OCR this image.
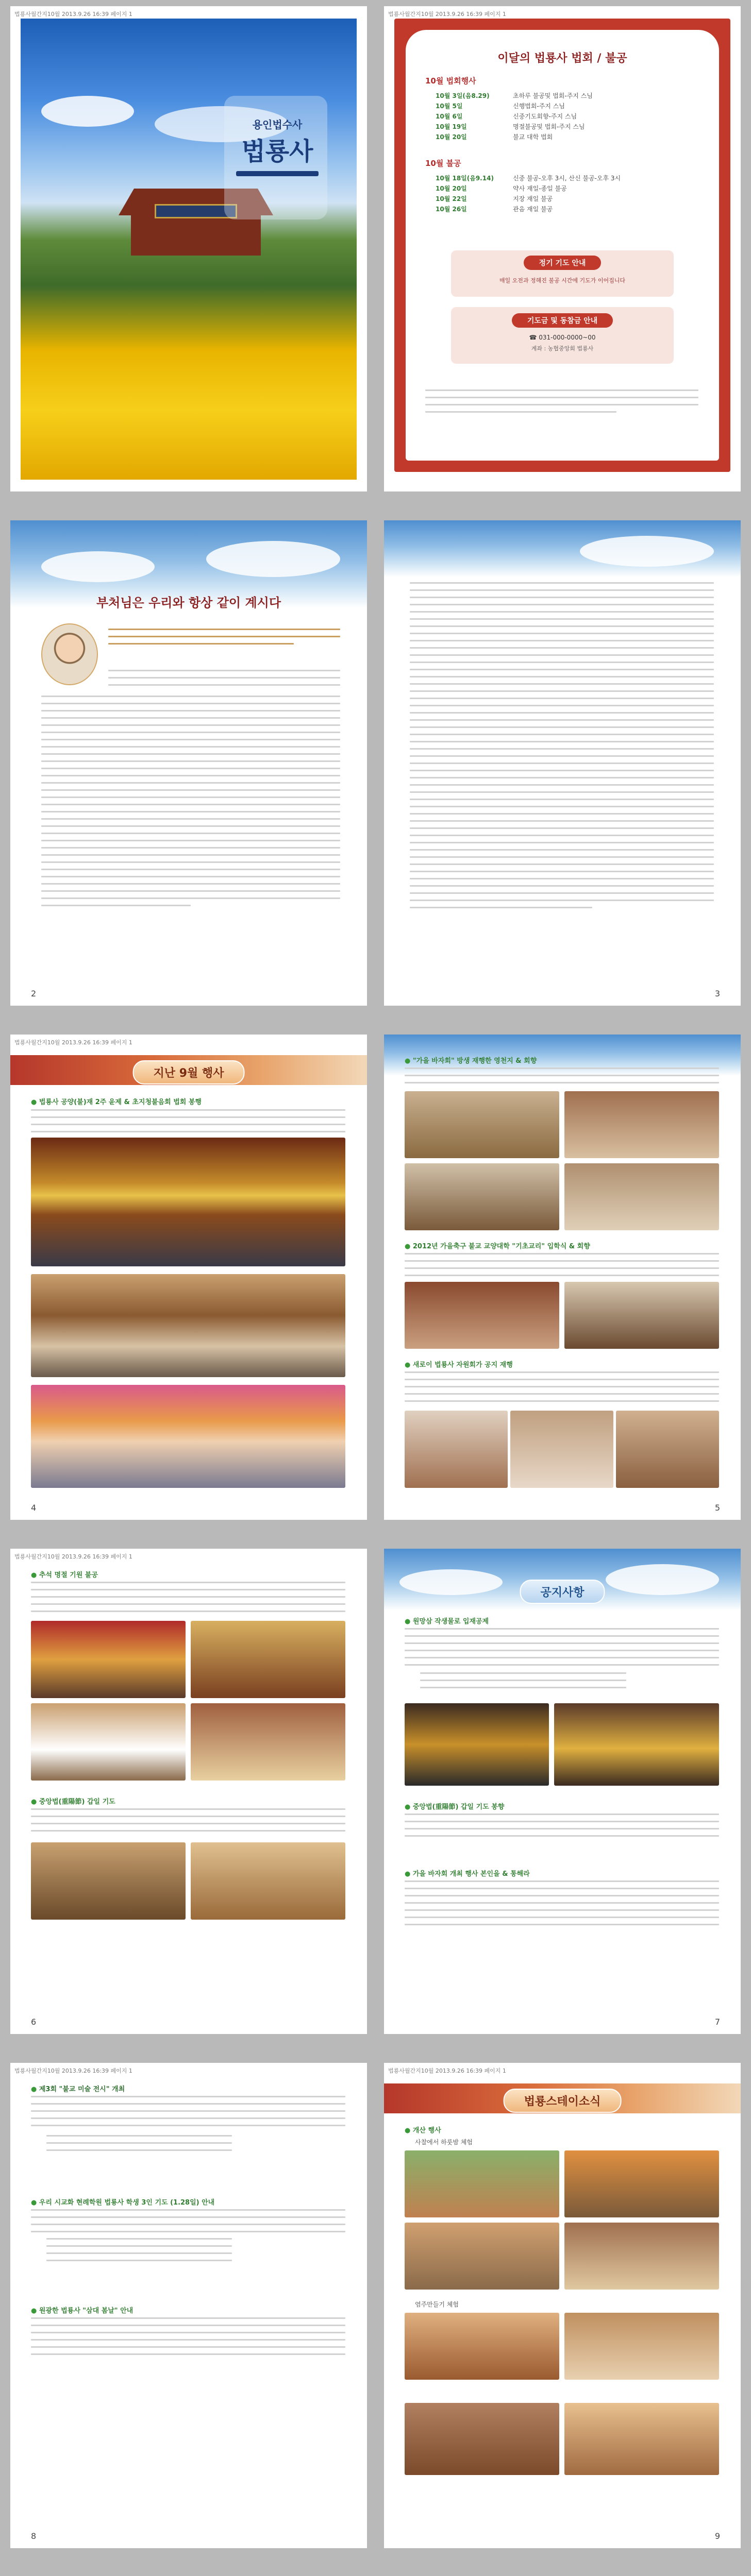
법룡사월간지10월 2013.9.26 16:39 페이지 1
용인법수사
법룡사
법룡사월간지10월 2013.9.26 16:39 페이지 1
이달의 법룡사 법회 / 불공
10월 법회행사
10월 3일(음8.29)	초하루 불공및 법회-주지 스님
10월 5일	신행법회-주지 스님
10월 6일	신중기도회향-주지 스님
10월 19일	명절불공및 법회-주지 스님
10월 20일	불교 대학 법회
10월 불공
10월 18일(음9.14)	신중 불공-오후 3시, 산신 불공-오후 3시
10월 20일	약사 재일-종일 불공
10월 22일	지장 재일 불공
10월 26일	관음 재일 불공
정기 기도 안내
매일 오전과 정해진 불공 시간에 기도가 이어집니다
기도금 및 동참금 안내
☎ 031-000-0000~00
계좌 : 농협중앙회 법룡사
부처님은 우리와 항상 같이 계시다
2	3
법룡사월간지10월 2013.9.26 16:39 페이지 1
지난 9월 행사
● 법룡사 공양(불)재 2주 윤제 & 초지청불음회 법회 봉행
4
● "가을 바자회" 방생 재행한 영천지 & 회향
● 2012년 가을축구 불교 교양대학 "기초교리" 입학식 & 회향
● 새로이 법룡사 자원회가 공지 재행
5
법룡사월간지10월 2013.9.26 16:39 페이지 1
● 추석 명절 기원 불공
● 중앙법(重陽節) 갑일 기도
6
공지사항
● 원망삼 작생물로 입재공제
● 중앙법(重陽節) 갑일 기도 봉향
● 가을 바자회 개최 행사 본인을 & 통해라
7
법룡사월간지10월 2013.9.26 16:39 페이지 1
● 제3회 "불교 미술 전시" 개최
● 우리 시교화 현례학원 법룡사 학생 3인 기도 (1.28일) 안내
● 원광한 법룡사 "삼대 봄날" 안내
8
법룡사월간지10월 2013.9.26 16:39 페이지 1
법룡스테이소식
● 개산 행사
사찰에서 하룻밤 체험
염주만들기 체험
9
